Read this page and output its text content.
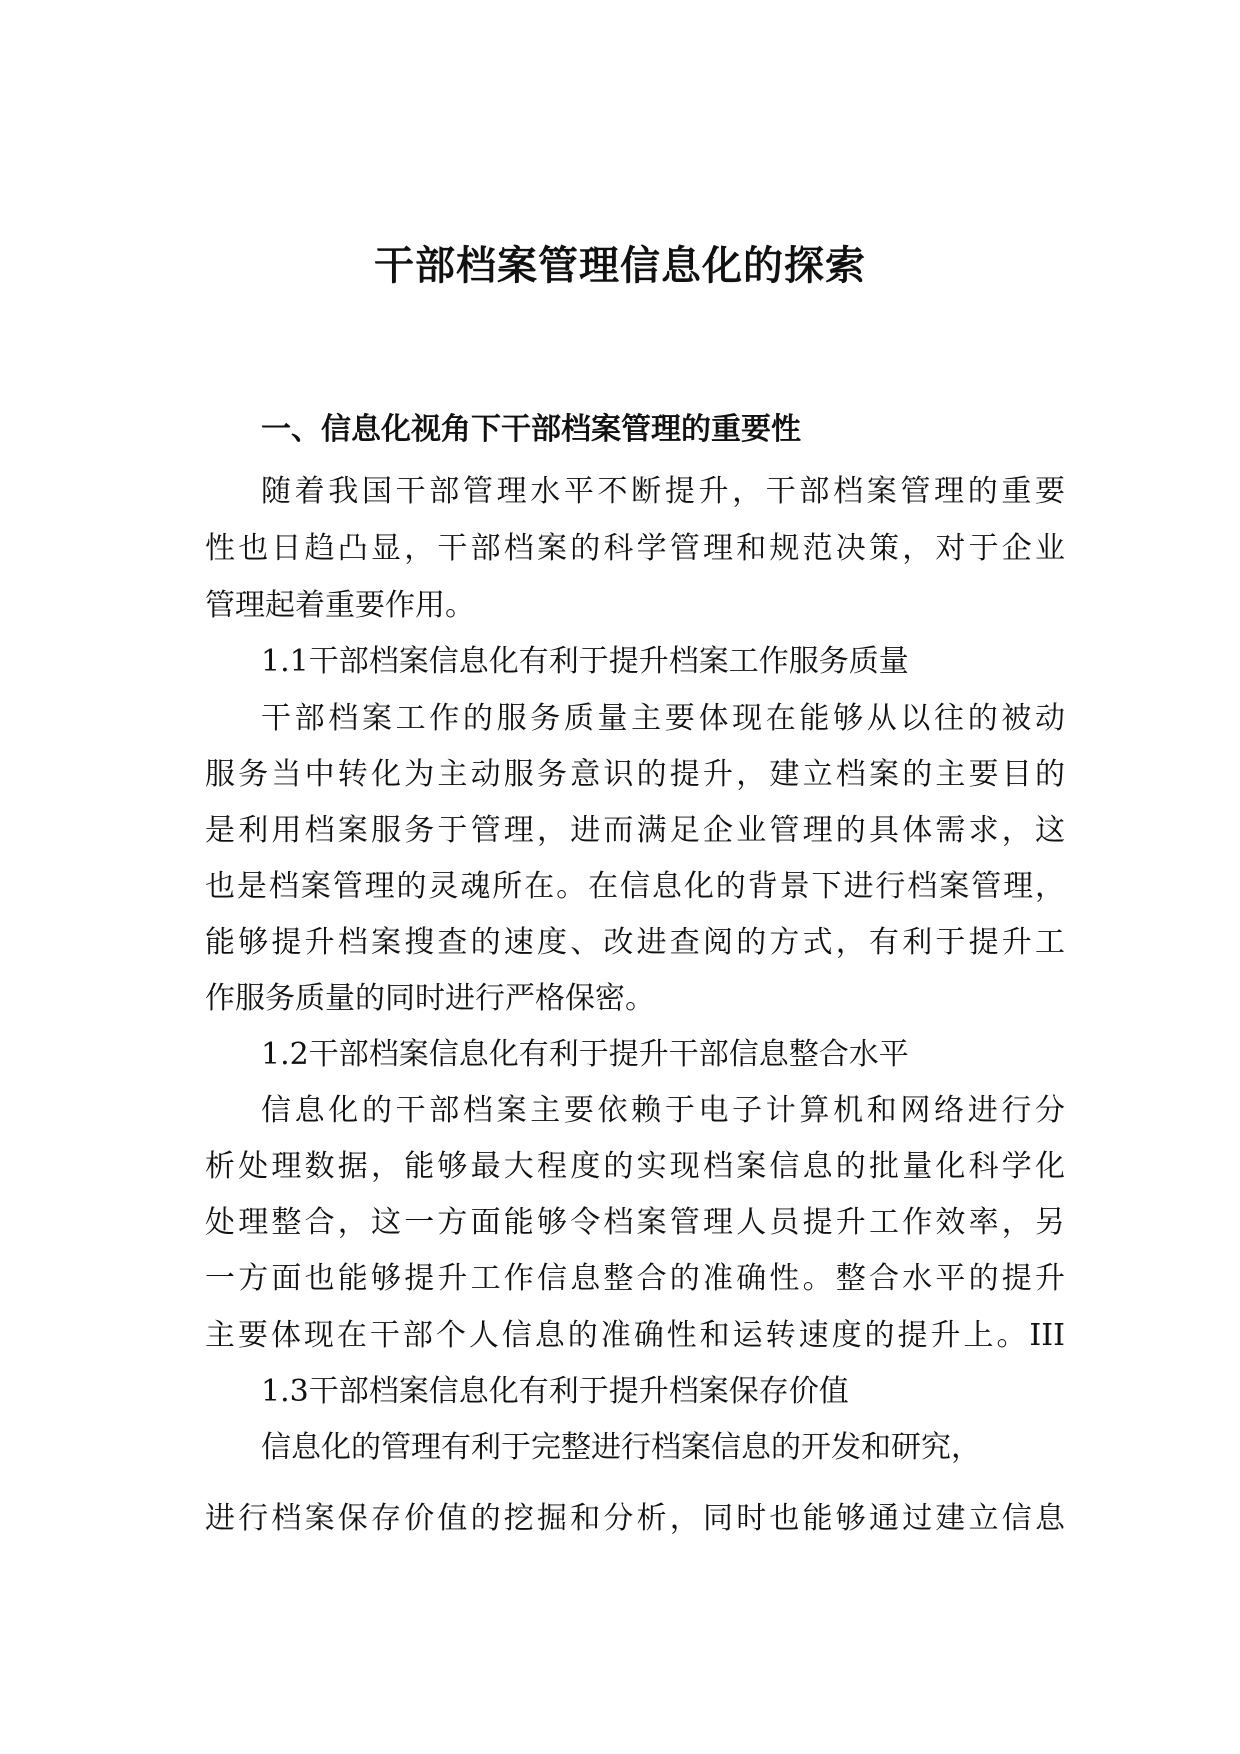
干部档案管理信息化的探索
一、信息化视角下干部档案管理的重要性

随着我国干部管理水平不断提升，干部档案管理的重要

性也日趋凸显，干部档案的科学管理和规范决策，对于企业

管理起着重要作用。

1.1干部档案信息化有利于提升档案工作服务质量

干部档案工作的服务质量主要体现在能够从以往的被动

服务当中转化为主动服务意识的提升，建立档案的主要目的

是利用档案服务于管理，进而满足企业管理的具体需求，这

也是档案管理的灵魂所在。在信息化的背景下进行档案管理，

能够提升档案搜查的速度、改进查阅的方式，有利于提升工

作服务质量的同时进行严格保密。

1.2干部档案信息化有利于提升干部信息整合水平

信息化的干部档案主要依赖于电子计算机和网络进行分

析处理数据，能够最大程度的实现档案信息的批量化科学化

处理整合，这一方面能够令档案管理人员提升工作效率，另

一方面也能够提升工作信息整合的准确性。整合水平的提升

主要体现在干部个人信息的准确性和运转速度的提升上。III

1.3干部档案信息化有利于提升档案保存价值

信息化的管理有利于完整进行档案信息的开发和研究，

进行档案保存价值的挖掘和分析，同时也能够通过建立信息
